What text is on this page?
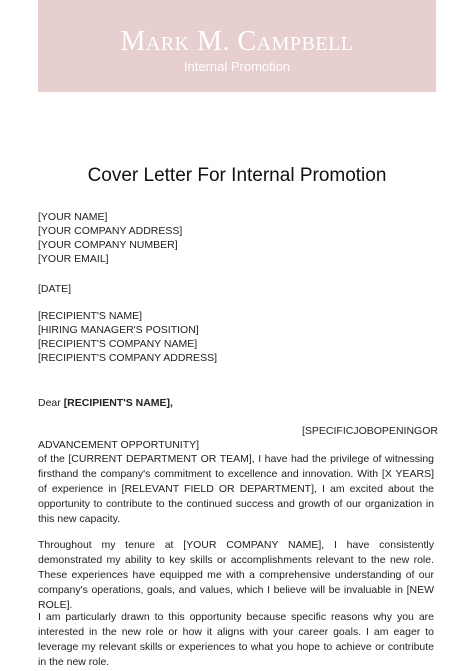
Mark M. Campbell
Internal Promotion
Cover Letter For Internal Promotion
[YOUR NAME]
[YOUR COMPANY ADDRESS]
[YOUR COMPANY NUMBER]
[YOUR EMAIL]
[DATE]
[RECIPIENT'S NAME]
[HIRING MANAGER'S POSITION]
[RECIPIENT'S COMPANY NAME]
[RECIPIENT'S COMPANY ADDRESS]
Dear [RECIPIENT'S NAME],
[SPECIFIC JOB OPENING OR
ADVANCEMENT OPPORTUNITY]
of the [CURRENT DEPARTMENT OR TEAM], I have had the privilege of witnessing firsthand the company's commitment to excellence and innovation. With [X YEARS] of experience in [RELEVANT FIELD OR DEPARTMENT], I am excited about the opportunity to contribute to the continued success and growth of our organization in this new capacity.
Throughout my tenure at [YOUR COMPANY NAME], I have consistently demonstrated my ability to key skills or accomplishments relevant to the new role. These experiences have equipped me with a comprehensive understanding of our company's operations, goals, and values, which I believe will be invaluable in [NEW ROLE].
I am particularly drawn to this opportunity because specific reasons why you are interested in the new role or how it aligns with your career goals. I am eager to leverage my relevant skills or experiences to what you hope to achieve or contribute in the new role.
